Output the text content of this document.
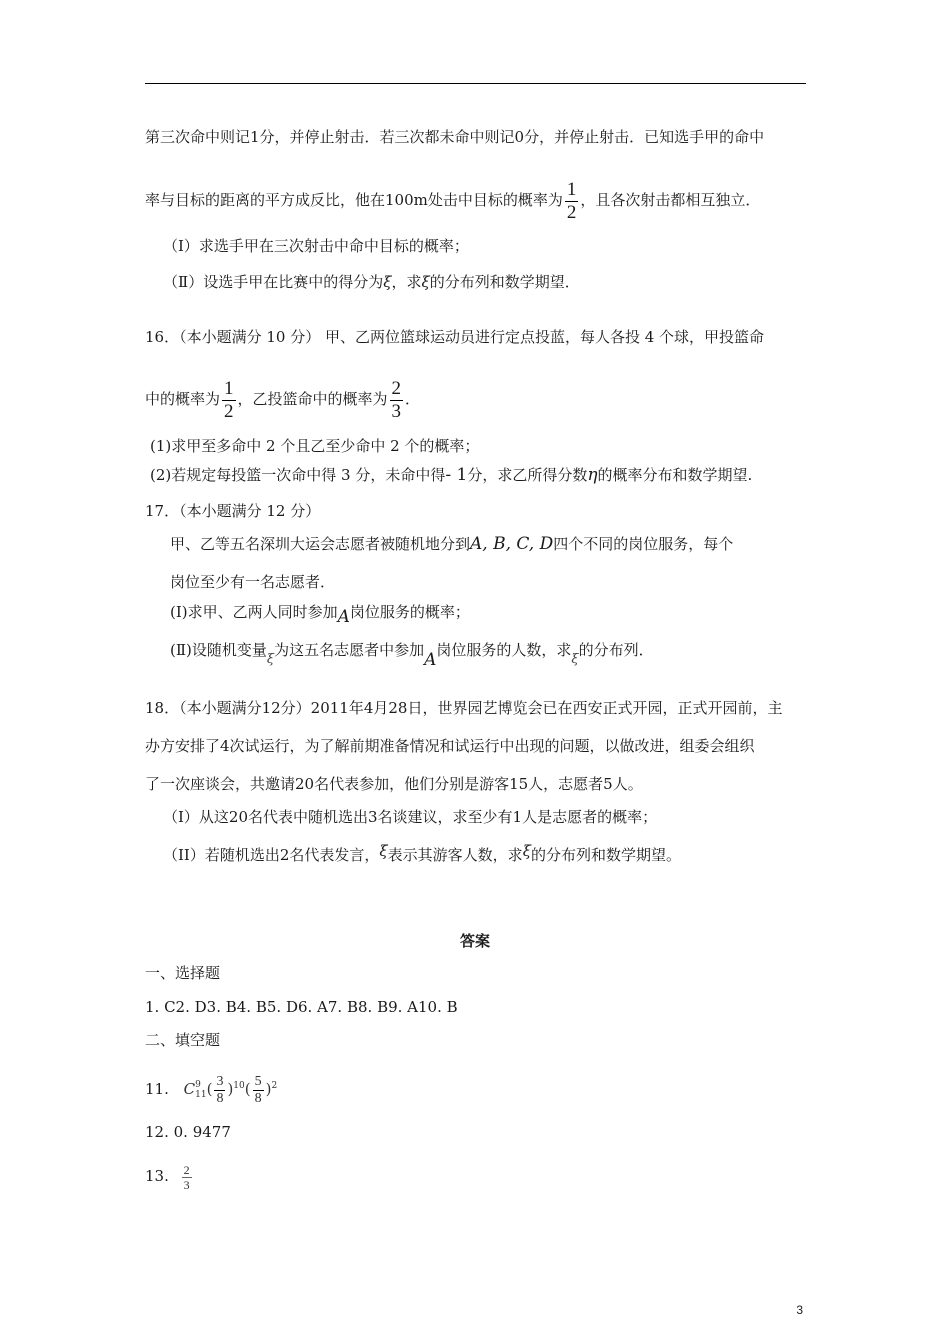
第三次命中则记1分，并停止射击．若三次都未命中则记0分，并停止射击．已知选手甲的命中
率与目标的距离的平方成反比，他在100m处击中目标的概率为 $\frac{1}{2}$ ，且各次射击都相互独立．
（Ⅰ）求选手甲在三次射击中命中目标的概率；
（Ⅱ）设选手甲在比赛中的得分为ξ，求ξ的分布列和数学期望．
16．（本小题满分 10 分） 甲、乙两位篮球运动员进行定点投蓝，每人各投 4 个球，甲投篮命
中的概率为 $\frac{1}{2}$ ，乙投篮命中的概率为 $\frac{2}{3}$ ．
(1)求甲至多命中 2 个且乙至少命中 2 个的概率；
(2)若规定每投篮一次命中得 3 分，未命中得- 1分，求乙所得分数η的概率分布和数学期望.
17．（本小题满分 12 分）
甲、乙等五名深圳大运会志愿者被随机地分到A, B, C, D四个不同的岗位服务，每个
岗位至少有一名志愿者．
(Ⅰ)求甲、乙两人同时参加A岗位服务的概率；
(Ⅱ)设随机变量ξ为这五名志愿者中参加A岗位服务的人数，求ξ的分布列．
18．（本小题满分12分）2011年4月28日，世界园艺博览会已在西安正式开园，正式开园前，主
办方安排了4次试运行，为了解前期准备情况和试运行中出现的问题，以做改进，组委会组织
了一次座谈会，共邀请20名代表参加，他们分别是游客15人，志愿者5人。
（I）从这20名代表中随机选出3名谈建议，求至少有1人是志愿者的概率；
（II）若随机选出2名代表发言，ξ表示其游客人数，求ξ的分布列和数学期望。
答案
一、选择题
1. C2. D3. B4. B5. D6. A7. B8. B9. A10. B
二、填空题
11. C 9
11 ( $\frac{3}{8} )^{10}( \frac{5}{8} )^2$
12. 0. 9477
13. $\frac{2}{3}$
3
